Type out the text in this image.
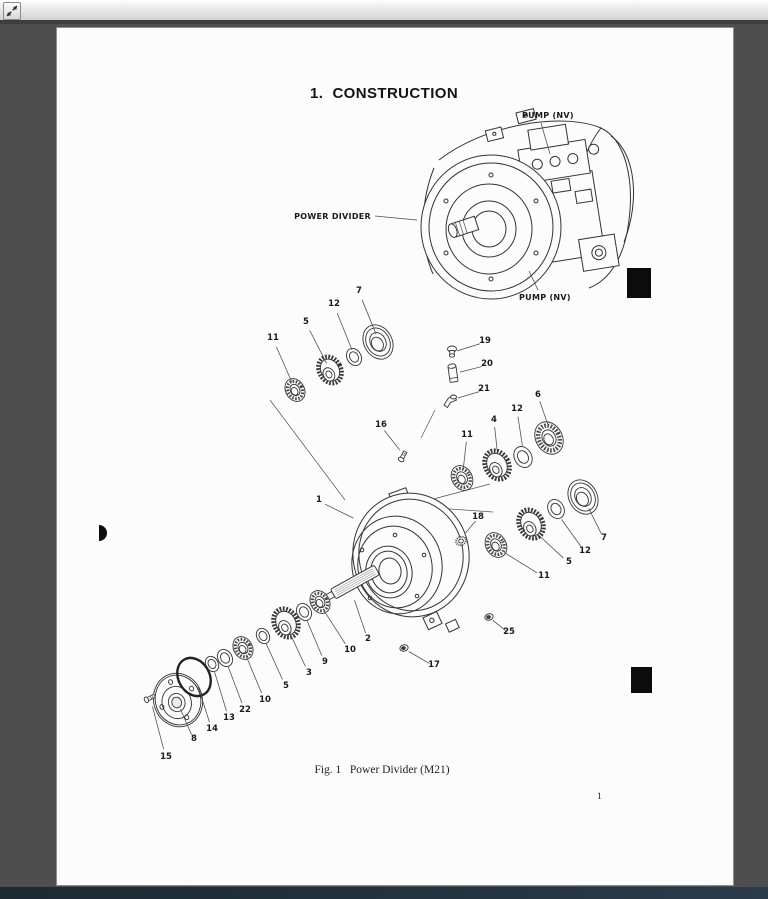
1.  CONSTRUCTION
PUMP (NV)
POWER DIVIDER
PUMP (NV)
7
12
5
11	19
20
21
16
6
12
4
11
1
18
7
12
5
11
25
17
2
10
9
3
5
10
22
13
14
8
15
Fig. 1   Power Divider (M21)
1
